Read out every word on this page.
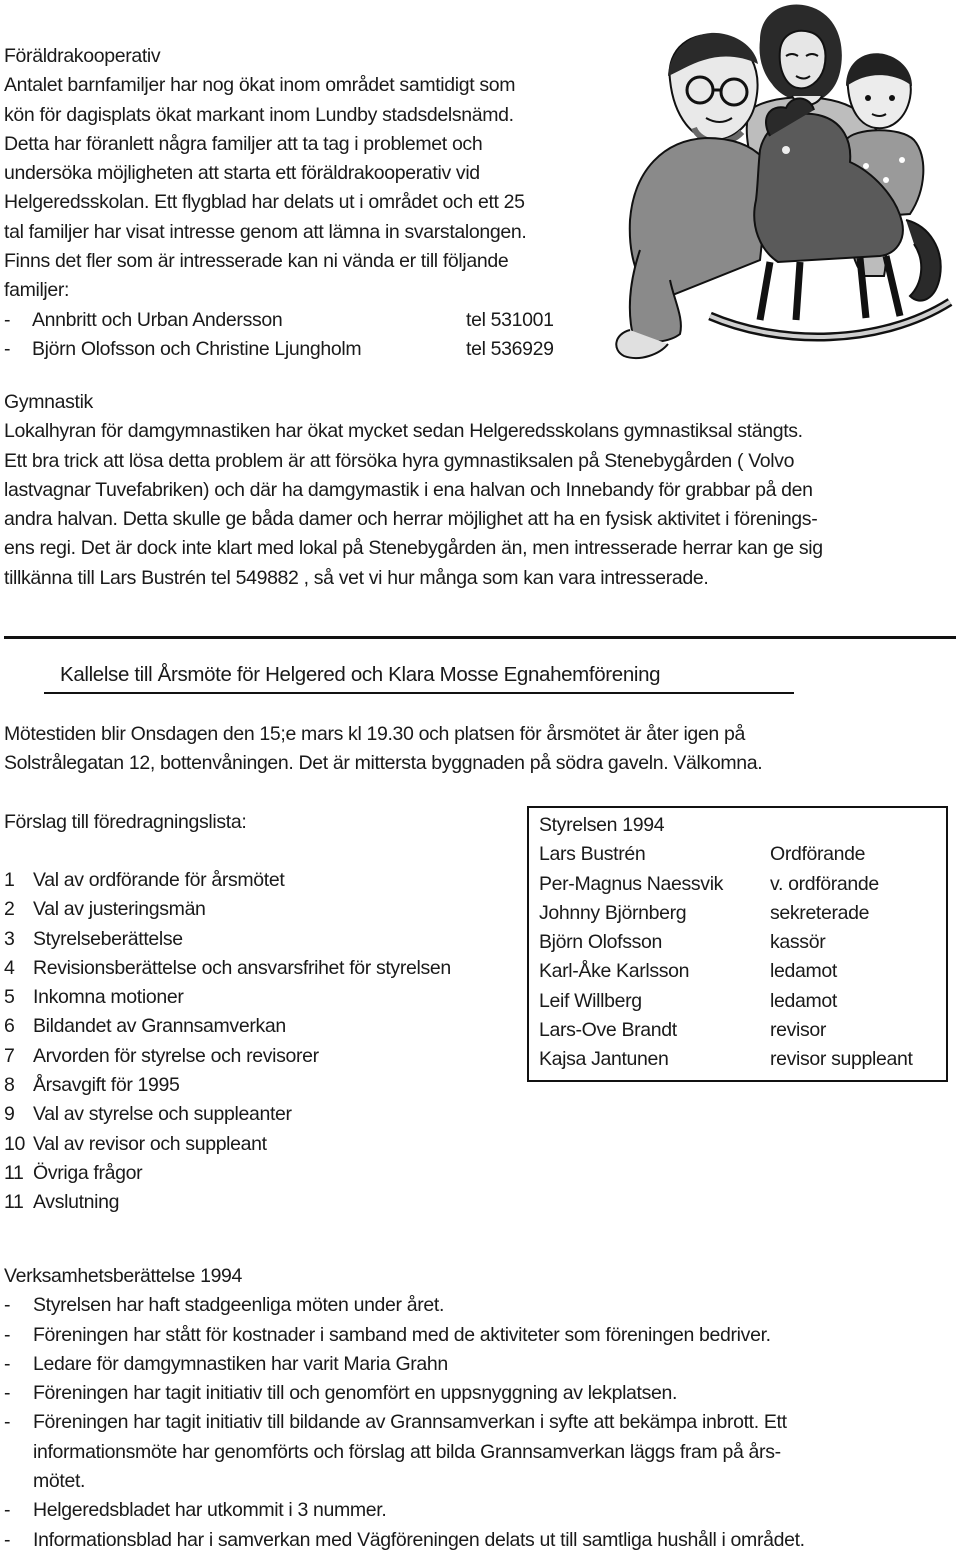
Föräldrakooperativ
Antalet barnfamiljer har nog ökat inom området samtidigt som
kön för dagisplats ökat markant inom Lundby stadsdelsnämd.
Detta har föranlett några familjer att ta tag i problemet och
undersöka möjligheten att starta ett föräldrakooperativ vid
Helgeredsskolan. Ett flygblad har delats ut i området och ett 25
tal familjer har visat intresse genom att lämna in svarstalongen.
Finns det fler som är intresserade kan ni vända er till följande
familjer:
-	Annbritt och Urban Andersson	tel 531001
-	Björn Olofsson och Christine Ljungholm	tel 536929
Gymnastik
Lokalhyran för damgymnastiken har ökat mycket sedan Helgeredsskolans gymnastiksal stängts.
Ett bra trick att lösa detta problem är att försöka hyra gymnastiksalen på Stenebygården ( Volvo
lastvagnar Tuvefabriken) och där ha damgymastik i ena halvan och Innebandy för grabbar på den
andra halvan. Detta skulle ge båda damer och herrar möjlighet att ha en fysisk aktivitet i förenings-
ens regi. Det är dock inte klart med lokal på Stenebygården än, men intresserade herrar kan ge sig
tillkänna till Lars Bustrén tel 549882 , så vet vi hur många som kan vara intresserade.
Kallelse till Årsmöte för Helgered och Klara Mosse Egnahemförening
Mötestiden blir Onsdagen den 15;e mars kl 19.30 och platsen för årsmötet är åter igen på
Solstrålegatan 12, bottenvåningen. Det är mittersta byggnaden på södra gaveln. Välkomna.
Förslag till föredragningslista:
1 Val av ordförande för årsmötet
2 Val av justeringsmän
3 Styrelseberättelse
4 Revisionsberättelse och ansvarsfrihet för styrelsen
5 Inkomna motioner
6 Bildandet av Grannsamverkan
7 Arvorden för styrelse och revisorer
8 Årsavgift för 1995
9 Val av styrelse och suppleanter
10 Val av revisor och suppleant
11 Övriga frågor
11 Avslutning
Styrelsen 1994
Lars Bustrén	Ordförande
Per-Magnus Naessvik	v. ordförande
Johnny Björnberg	sekreterade
Björn Olofsson	kassör
Karl-Åke Karlsson	ledamot
Leif Willberg	ledamot
Lars-Ove Brandt	revisor
Kajsa Jantunen	revisor suppleant
Verksamhetsberättelse 1994
-	Styrelsen har haft stadgeenliga möten under året.
-	Föreningen har stått för kostnader i samband med de aktiviteter som föreningen bedriver.
-	Ledare för damgymnastiken har varit Maria Grahn
-	Föreningen har tagit initiativ till och genomfört en uppsnyggning av lekplatsen.
-	Föreningen har tagit initiativ till bildande av Grannsamverkan i syfte att bekämpa inbrott. Ett
informationsmöte har genomförts och förslag att bilda Grannsamverkan läggs fram på års-
mötet.
-	Helgeredsbladet har utkommit i 3 nummer.
-	Informationsblad har i samverkan med Vägföreningen delats ut till samtliga hushåll i området.
